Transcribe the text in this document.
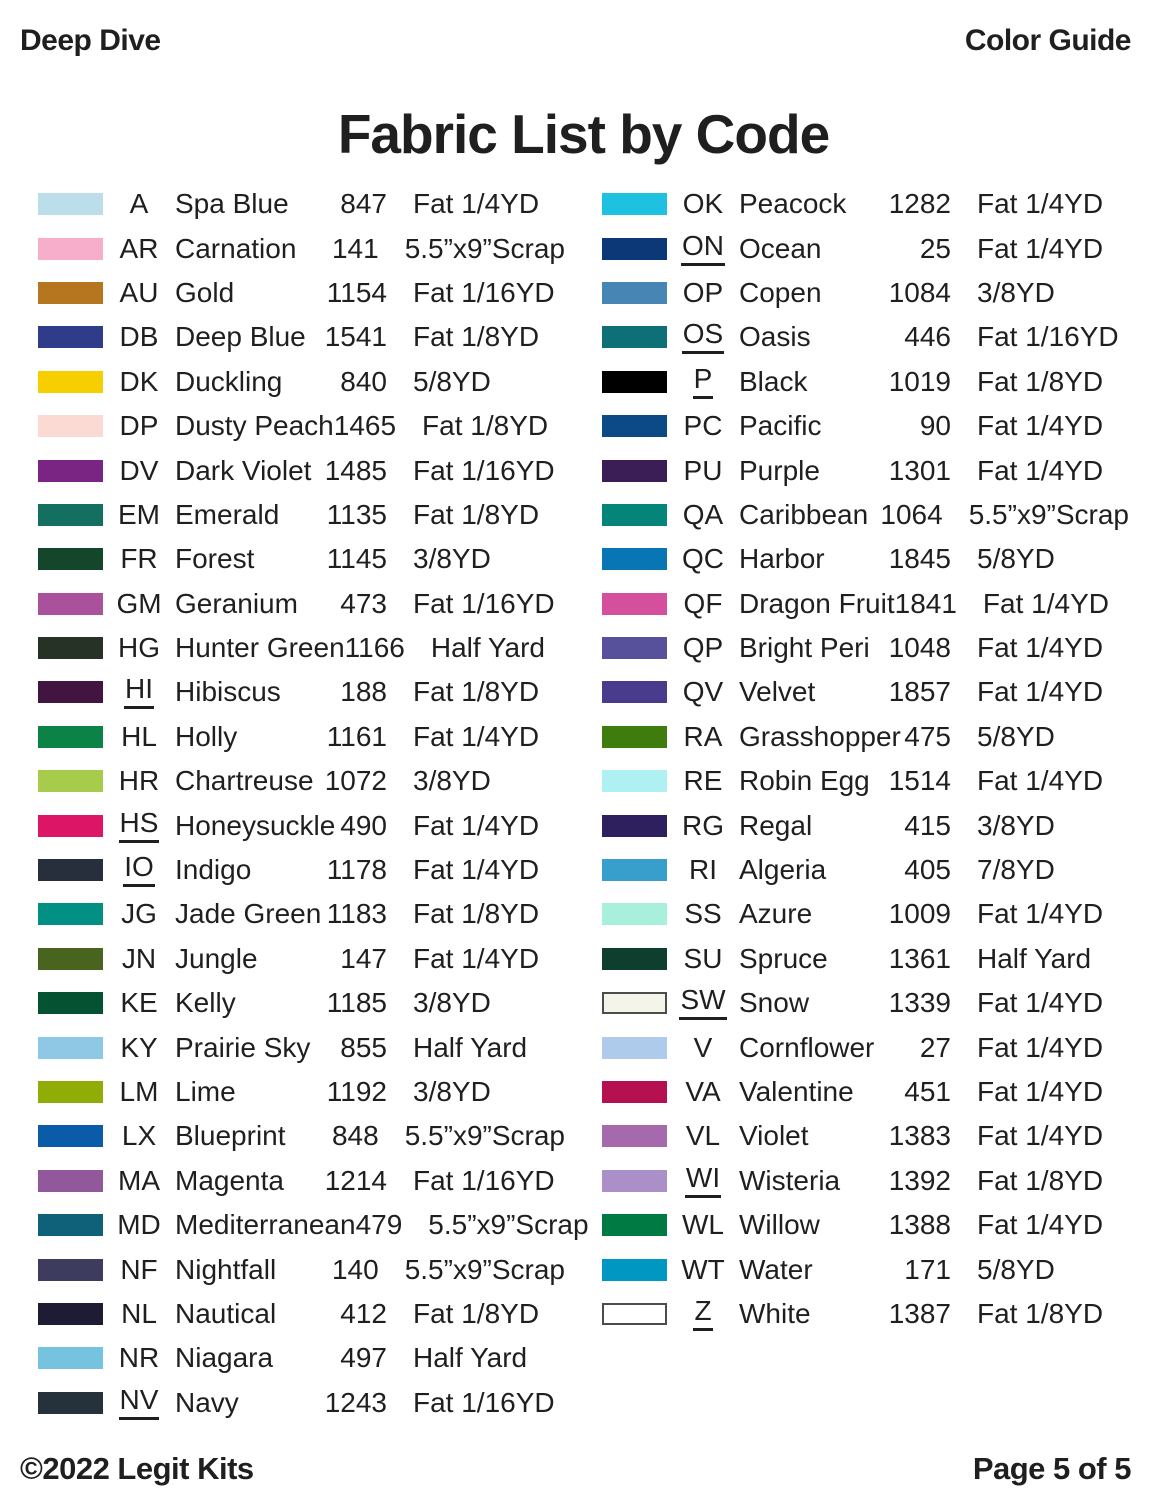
Deep Dive	Color Guide
Fabric List by Code
A Spa Blue	847 Fat 1/4YD
AR Carnation	141 5.5”x9”Scrap
AU Gold	1154 Fat 1/16YD
DB Deep Blue 1541 Fat 1/8YD
DK Duckling	840 5/8YD
DP Dusty Peach 1465 Fat 1/8YD
DV Dark Violet 1485 Fat 1/16YD
EM Emerald	1135 Fat 1/8YD
FR Forest	1145 3/8YD
GM Geranium	473 Fat 1/16YD
HG Hunter Green 1166 Half Yard
HI Hibiscus	188 Fat 1/8YD
HL Holly	1161 Fat 1/4YD
HR Chartreuse 1072 3/8YD
HS Honeysuckle 490 Fat 1/4YD
IO Indigo	1178 Fat 1/4YD
JG Jade Green 1183 Fat 1/8YD
JN Jungle	147 Fat 1/4YD
KE Kelly	1185 3/8YD
KY Prairie Sky	855 Half Yard
LM Lime	1192 3/8YD
LX Blueprint	848 5.5”x9”Scrap
MA Magenta	1214 Fat 1/16YD
MD Mediterranean 479 5.5”x9”Scrap
NF Nightfall	140 5.5”x9”Scrap
NL Nautical	412 Fat 1/8YD
NR Niagara	497 Half Yard
NV Navy	1243 Fat 1/16YD
OK Peacock	1282 Fat 1/4YD
ON Ocean	25 Fat 1/4YD
OP Copen	1084 3/8YD
OS Oasis	446 Fat 1/16YD
P Black	1019 Fat 1/8YD
PC Pacific	90 Fat 1/4YD
PU Purple	1301 Fat 1/4YD
QA Caribbean 1064 5.5”x9”Scrap
QC Harbor	1845 5/8YD
QF Dragon Fruit 1841 Fat 1/4YD
QP Bright Peri 1048 Fat 1/4YD
QV Velvet	1857 Fat 1/4YD
RA Grasshopper 475 5/8YD
RE Robin Egg 1514 Fat 1/4YD
RG Regal	415 3/8YD
RI Algeria	405 7/8YD
SS Azure	1009 Fat 1/4YD
SU Spruce	1361 Half Yard
SW Snow	1339 Fat 1/4YD
V Cornflower	27 Fat 1/4YD
VA Valentine	451 Fat 1/4YD
VL Violet	1383 Fat 1/4YD
WI Wisteria	1392 Fat 1/8YD
WL Willow	1388 Fat 1/4YD
WT Water	171 5/8YD
Z White	1387 Fat 1/8YD
©2022 Legit Kits	Page 5 of 5
